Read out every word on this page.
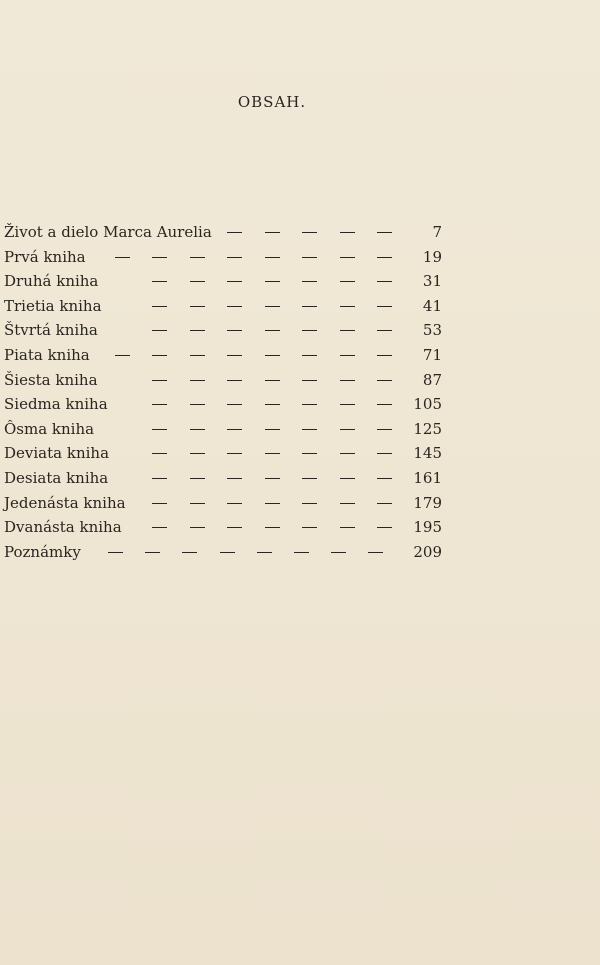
OBSAH.
Život a dielo Marca Aurelia	7
Prvá kniha	19
Druhá kniha	31
Trietia kniha	41
Štvrtá kniha	53
Piata kniha	71
Šiesta kniha	87
Siedma kniha	105
Ôsma kniha	125
Deviata kniha	145
Desiata kniha	161
Jedenásta kniha	179
Dvanásta kniha	195
Poznámky	209
